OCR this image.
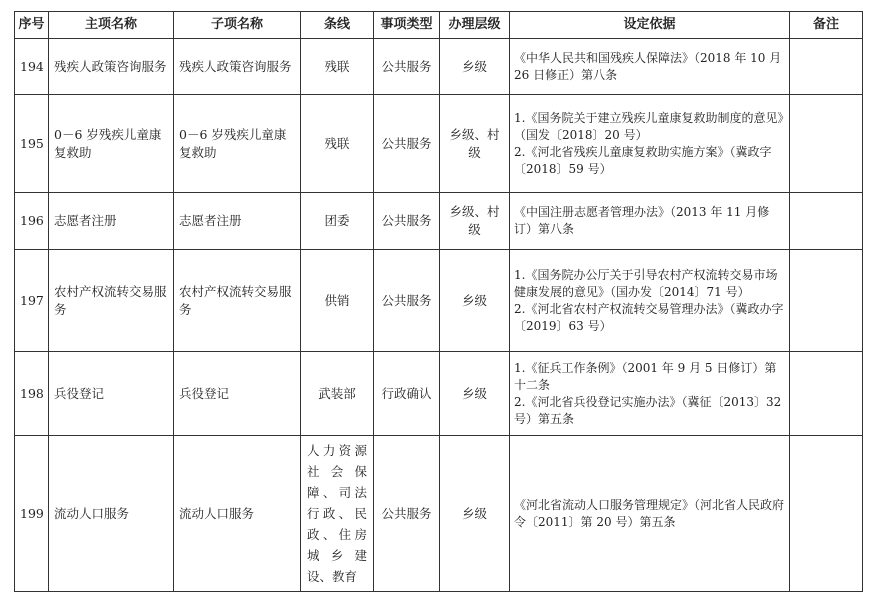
序号	主项名称	子项名称	条线	事项类型	办理层级	设定依据	备注
194	残疾人政策咨询服务	残疾人政策咨询服务	残联	公共服务	乡级	《中华人民共和国残疾人保障法》（2018 年 10 月 26 日修正）第八条	

195	0－6 岁残疾儿童康复救助	0－6 岁残疾儿童康复救助	残联	公共服务	乡级、村级	1.《国务院关于建立残疾儿童康复救助制度的意见》（国发〔2018〕20 号）
2.《河北省残疾儿童康复救助实施方案》（冀政字〔2018〕59 号）	

196	志愿者注册	志愿者注册	团委	公共服务	乡级、村级	《中国注册志愿者管理办法》（2013 年 11 月修订）第八条	

197	农村产权流转交易服务	农村产权流转交易服务	供销	公共服务	乡级	1.《国务院办公厅关于引导农村产权流转交易市场健康发展的意见》（国办发〔2014〕71 号）
2.《河北省农村产权流转交易管理办法》（冀政办字〔2019〕63 号）	

198	兵役登记	兵役登记	武装部	行政确认	乡级	1.《征兵工作条例》（2001 年 9 月 5 日修订）第十二条
2.《河北省兵役登记实施办法》（冀征〔2013〕32 号）第五条	

199	流动人口服务	流动人口服务	人力资源社会保障、司法行政、民政、住房城乡建设、教育	公共服务	乡级	《河北省流动人口服务管理规定》（河北省人民政府令〔2011〕第 20 号）第五条	
